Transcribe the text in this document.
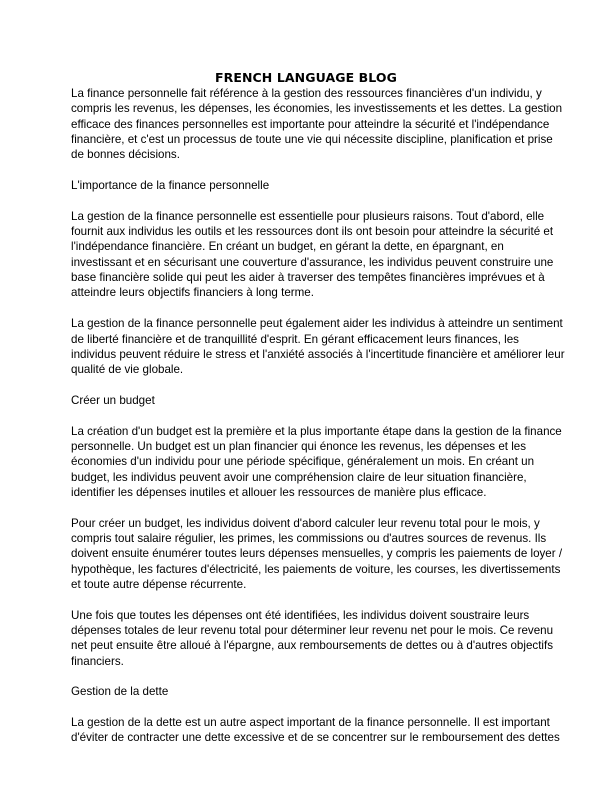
FRENCH LANGUAGE BLOG

La finance personnelle fait référence à la gestion des ressources financières d'un individu, y
compris les revenus, les dépenses, les économies, les investissements et les dettes. La gestion
efficace des finances personnelles est importante pour atteindre la sécurité et l'indépendance
financière, et c'est un processus de toute une vie qui nécessite discipline, planification et prise
de bonnes décisions.

L'importance de la finance personnelle

La gestion de la finance personnelle est essentielle pour plusieurs raisons. Tout d'abord, elle
fournit aux individus les outils et les ressources dont ils ont besoin pour atteindre la sécurité et
l'indépendance financière. En créant un budget, en gérant la dette, en épargnant, en
investissant et en sécurisant une couverture d'assurance, les individus peuvent construire une
base financière solide qui peut les aider à traverser des tempêtes financières imprévues et à
atteindre leurs objectifs financiers à long terme.

La gestion de la finance personnelle peut également aider les individus à atteindre un sentiment
de liberté financière et de tranquillité d'esprit. En gérant efficacement leurs finances, les
individus peuvent réduire le stress et l'anxiété associés à l'incertitude financière et améliorer leur
qualité de vie globale.

Créer un budget

La création d'un budget est la première et la plus importante étape dans la gestion de la finance
personnelle. Un budget est un plan financier qui énonce les revenus, les dépenses et les
économies d'un individu pour une période spécifique, généralement un mois. En créant un
budget, les individus peuvent avoir une compréhension claire de leur situation financière,
identifier les dépenses inutiles et allouer les ressources de manière plus efficace.

Pour créer un budget, les individus doivent d'abord calculer leur revenu total pour le mois, y
compris tout salaire régulier, les primes, les commissions ou d'autres sources de revenus. Ils
doivent ensuite énumérer toutes leurs dépenses mensuelles, y compris les paiements de loyer /
hypothèque, les factures d'électricité, les paiements de voiture, les courses, les divertissements
et toute autre dépense récurrente.

Une fois que toutes les dépenses ont été identifiées, les individus doivent soustraire leurs
dépenses totales de leur revenu total pour déterminer leur revenu net pour le mois. Ce revenu
net peut ensuite être alloué à l'épargne, aux remboursements de dettes ou à d'autres objectifs
financiers.

Gestion de la dette

La gestion de la dette est un autre aspect important de la finance personnelle. Il est important
d'éviter de contracter une dette excessive et de se concentrer sur le remboursement des dettes
